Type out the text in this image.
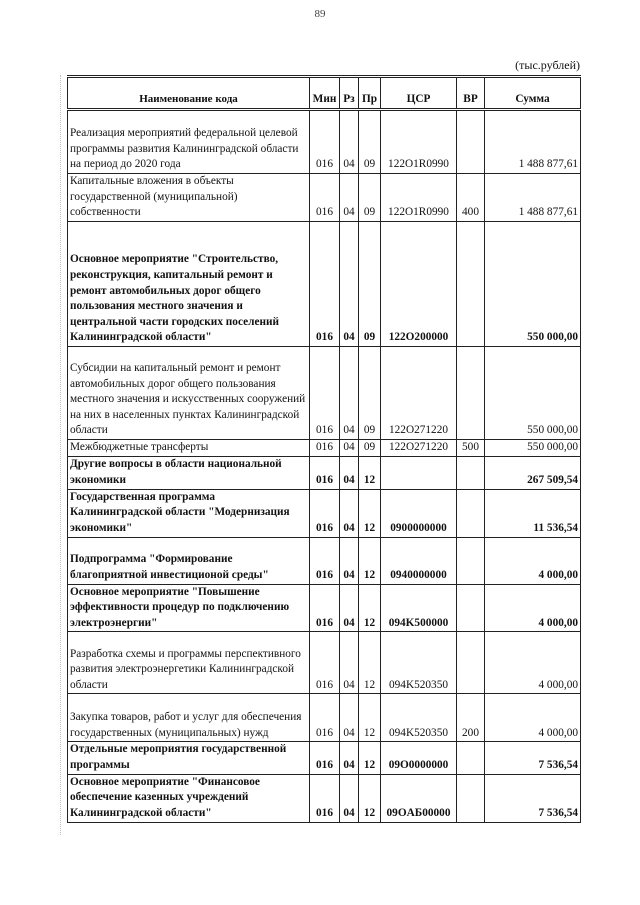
89
(тыс.рублей)
Наименование кода	Мин	Рз	Пр	ЦСР	ВР	Сумма
Реализация мероприятий федеральной целевой программы развития Калининградской области на период до 2020 года	016	04	09	122O1R0990		1 488 877,61
Капитальные вложения в объекты государственной (муниципальной) собственности	016	04	09	122O1R0990	400	1 488 877,61
Основное мероприятие "Строительство, реконструкция, капитальный ремонт и ремонт автомобильных дорог общего пользования местного значения и центральной части городских поселений Калининградской области"	016	04	09	122O200000		550 000,00
Субсидии на капитальный ремонт и ремонт автомобильных дорог общего пользования местного значения и искусственных сооружений на них в населенных пунктах Калининградской области	016	04	09	122O271220		550 000,00
Межбюджетные трансферты	016	04	09	122O271220	500	550 000,00
Другие вопросы в области национальной экономики	016	04	12			267 509,54
Государственная программа Калининградской области "Модернизация экономики"	016	04	12	0900000000		11 536,54
Подпрограмма "Формирование благоприятной инвестиционой среды"	016	04	12	0940000000		4 000,00
Основное мероприятие "Повышение эффективности процедур по подключению электроэнергии"	016	04	12	094K500000		4 000,00
Разработка схемы и программы перспективного развития электроэнергетики Калининградской области	016	04	12	094K520350		4 000,00
Закупка товаров, работ и услуг для обеспечения государственных (муниципальных) нужд	016	04	12	094K520350	200	4 000,00
Отдельные мероприятия государственной программы	016	04	12	09O0000000		7 536,54
Основное мероприятие "Финансовое обеспечение казенных учреждений Калининградской области"	016	04	12	09OАБ00000		7 536,54
